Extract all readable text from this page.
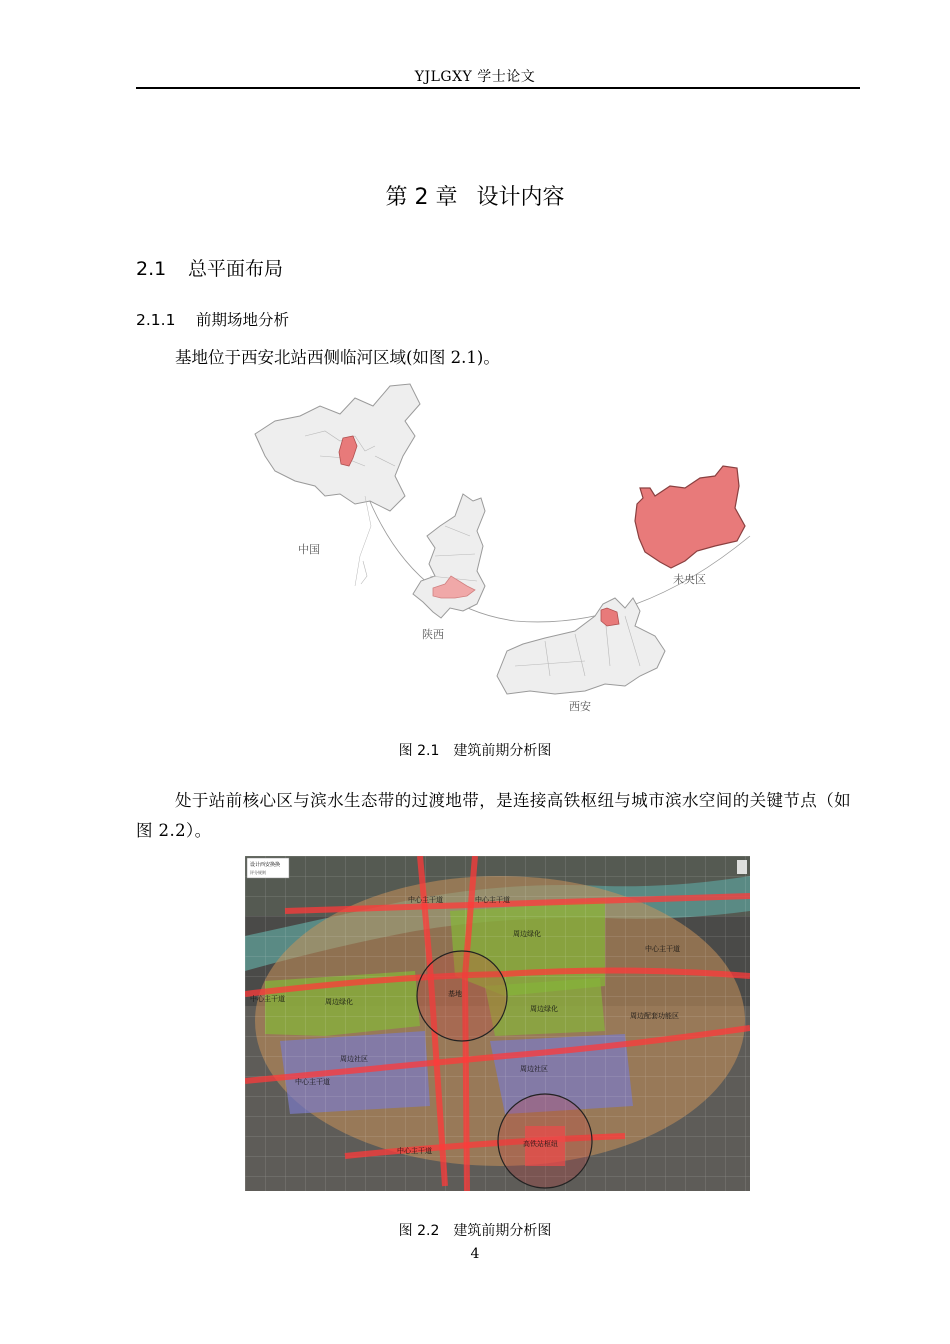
YJLGXY 学士论文
第 2 章 设计内容
2.1 总平面布局
2.1.1 前期场地分析
基地位于西安北站西侧临河区域(如图 2.1)。
中国
陕西
西安
未央区
图 2.1 建筑前期分析图
处于站前核心区与滨水生态带的过渡地带，是连接高铁枢纽与城市滨水空间的关键节点（如图 2.2）。
设计西安换换
评分规则
中心主干道	中心主干道
中心主干道
中心主干道
中心主干道
中心主干道
周边绿化
周边绿化
周边绿化
周边社区
周边社区
基地
高铁站枢纽
周边配套功能区
图 2.2 建筑前期分析图
4
